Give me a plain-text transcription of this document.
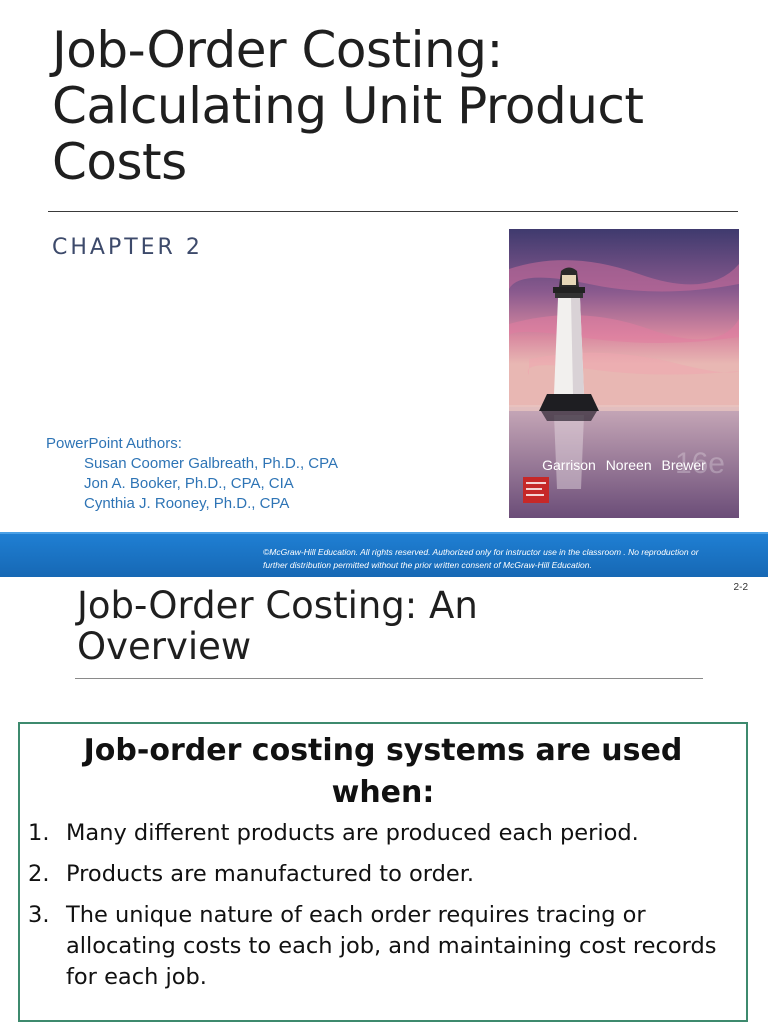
Job-Order Costing:
Calculating Unit Product
Costs
CHAPTER 2
16e
Garrison Noreen Brewer
PowerPoint Authors:
Susan Coomer Galbreath, Ph.D., CPA
Jon A. Booker, Ph.D., CPA, CIA
Cynthia J. Rooney, Ph.D., CPA
©McGraw-Hill Education. All rights reserved. Authorized only for instructor use in the classroom . No reproduction or
further distribution permitted without the prior written consent of McGraw-Hill Education.
2-2
Job-Order Costing: An
Overview
Job-order costing systems are used
when:
1. Many different products are produced each period.
2. Products are manufactured to order.
3. The unique nature of each order requires tracing or allocating costs to each job, and maintaining cost records for each job.
